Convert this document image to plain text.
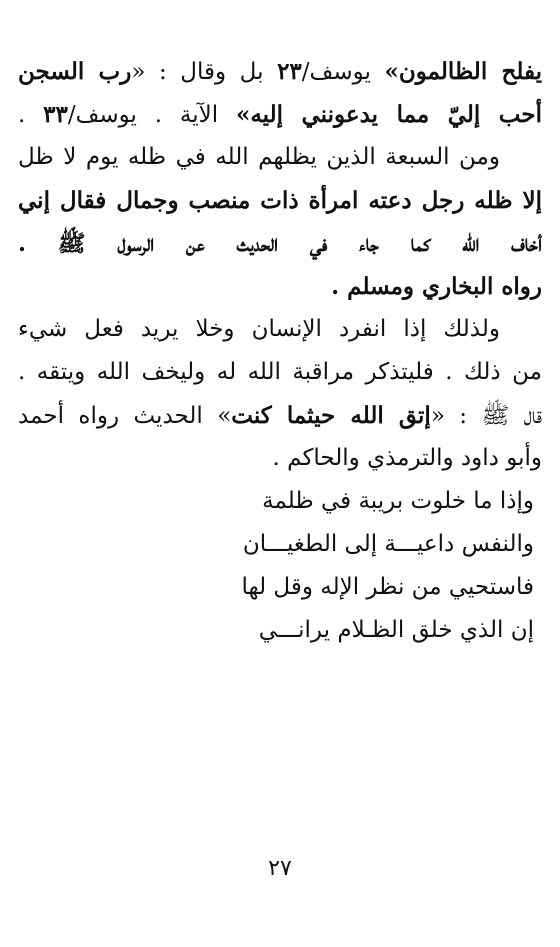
يفلح الظالمون» يوسف/٢٣ بل وقال : «رب السجن
أحب إليّ مما يدعونني إليه» الآية . يوسف/٣٣ .
ومن السبعة الذين يظلهم الله في ظله يوم لا ظل
إلا ظله رجل دعته امرأة ذات منصب وجمال فقال إني
أخاف الله كما جاء في الحديث عن الرسول ﷺ .
رواه البخاري ومسلم .
ولذلك إذا انفرد الإنسان وخلا يريد فعل شيء
من ذلك . فليتذكر مراقبة الله له وليخف الله ويتقه .
قال ﷺ : «إتق الله حيثما كنت» الحديث رواه أحمد
وأبو داود والترمذي والحاكم .
وإذا ما خلوت بريبة في ظلمة
والنفس داعيـــة إلى الطغيـــان
فاستحيي من نظر الإله وقل لها
إن الذي خلق الظـلام يرانـــي
٢٧
